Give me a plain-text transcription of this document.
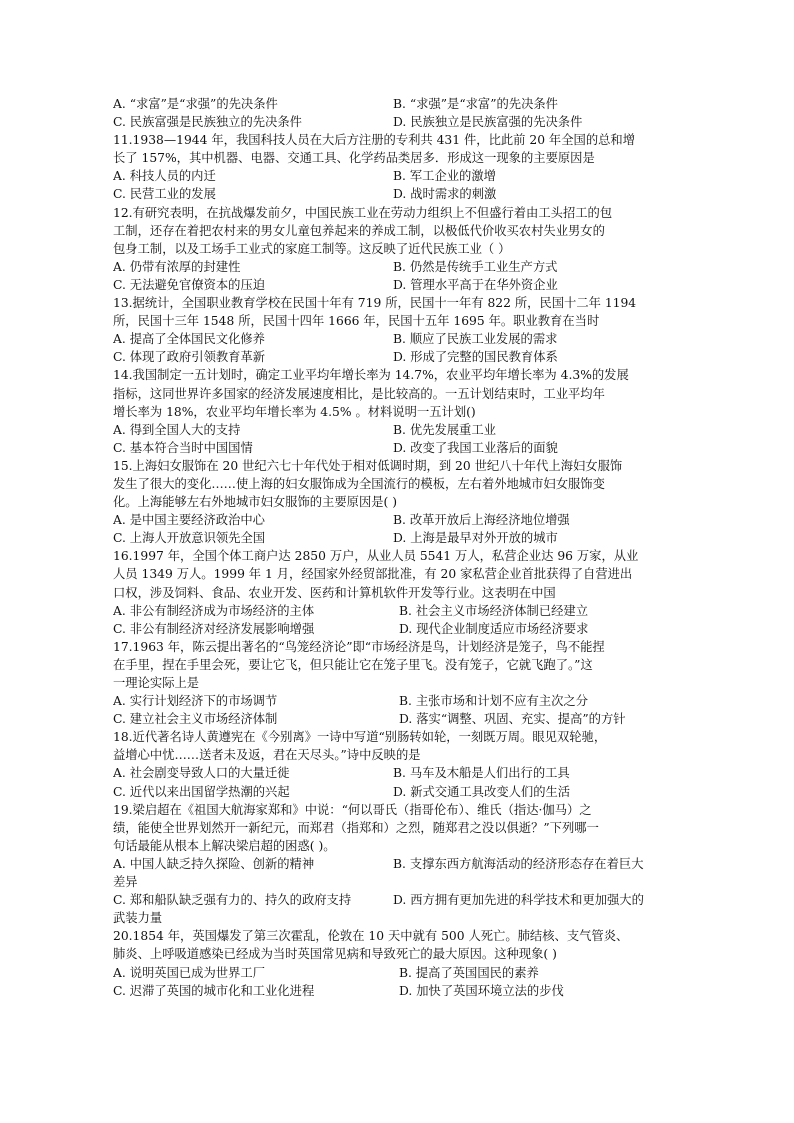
A. “求富”是“求强”的先决条件	B. “求强”是“求富”的先决条件
C. 民族富强是民族独立的先决条件	D. 民族独立是民族富强的先决条件
11.1938—1944 年，我国科技人员在大后方注册的专利共 431 件，比此前 20 年全国的总和增
长了 157%，其中机器、电器、交通工具、化学药品类居多．形成这一现象的主要原因是
A. 科技人员的内迁	B. 军工企业的激增
C. 民营工业的发展	D. 战时需求的刺激
12.有研究表明，在抗战爆发前夕，中国民族工业在劳动力组织上不但盛行着由工头招工的包
工制，还存在着把农村来的男女儿童包养起来的养成工制，以极低代价收买农村失业男女的
包身工制，以及工场手工业式的家庭工制等。这反映了近代民族工业（ ）
A. 仍带有浓厚的封建性	B. 仍然是传统手工业生产方式
C. 无法避免官僚资本的压迫	D. 管理水平高于在华外资企业
13.据统计，全国职业教育学校在民国十年有 719 所，民国十一年有 822 所，民国十二年 1194
所，民国十三年 1548 所，民国十四年 1666 年，民国十五年 1695 年。职业教育在当时
A. 提高了全体国民文化修养	B. 顺应了民族工业发展的需求
C. 体现了政府引领教育革新	D. 形成了完整的国民教育体系
14.我国制定一五计划时，确定工业平均年增长率为 14.7%，农业平均年增长率为 4.3%的发展
指标，这同世界许多国家的经济发展速度相比，是比较高的。一五计划结束时，工业平均年
增长率为 18%，农业平均年增长率为 4.5% 。材料说明一五计划()
A. 得到全国人大的支持	B. 优先发展重工业
C. 基本符合当时中国国情	D. 改变了我国工业落后的面貌
15.上海妇女服饰在 20 世纪六七十年代处于相对低调时期，到 20 世纪八十年代上海妇女服饰
发生了很大的变化……使上海的妇女服饰成为全国流行的模板，左右着外地城市妇女服饰变
化。上海能够左右外地城市妇女服饰的主要原因是( )
A. 是中国主要经济政治中心	B. 改革开放后上海经济地位增强
C. 上海人开放意识领先全国	D. 上海是最早对外开放的城市
16.1997 年，全国个体工商户达 2850 万户，从业人员 5541 万人，私营企业达 96 万家，从业
人员 1349 万人。1999 年 1 月，经国家外经贸部批准，有 20 家私营企业首批获得了自营进出
口权，涉及饲料、食品、农业开发、医药和计算机软件开发等行业。这表明在中国
A. 非公有制经济成为市场经济的主体	B. 社会主义市场经济体制已经建立
C. 非公有制经济对经济发展影响增强	D. 现代企业制度适应市场经济要求
17.1963 年，陈云提出著名的“鸟笼经济论”即“市场经济是鸟，计划经济是笼子，鸟不能捏
在手里，捏在手里会死，要让它飞，但只能让它在笼子里飞。没有笼子，它就飞跑了。”这
一理论实际上是
A. 实行计划经济下的市场调节	B. 主张市场和计划不应有主次之分
C. 建立社会主义市场经济体制	D. 落实“调整、巩固、充实、提高”的方针
18.近代著名诗人黄遵宪在《今别离》一诗中写道“别肠转如轮，一刻既万周。眼见双轮驰，
益增心中忧……送者未及返，君在天尽头。”诗中反映的是
A. 社会剧变导致人口的大量迁徙	B. 马车及木船是人们出行的工具
C. 近代以来出国留学热潮的兴起	D. 新式交通工具改变人们的生活
19.梁启超在《祖国大航海家郑和》中说：“何以哥氏（指哥伦布）、维氏（指达·伽马）之
绩，能使全世界划然开一新纪元，而郑君（指郑和）之烈，随郑君之没以俱逝？”下列哪一
句话最能从根本上解决梁启超的困惑( )。
A. 中国人缺乏持久探险、创新的精神	B. 支撑东西方航海活动的经济形态存在着巨大
差异
C. 郑和船队缺乏强有力的、持久的政府支持	D. 西方拥有更加先进的科学技术和更加强大的
武装力量
20.1854 年，英国爆发了第三次霍乱，伦敦在 10 天中就有 500 人死亡。肺结核、支气管炎、
肺炎、上呼吸道感染已经成为当时英国常见病和导致死亡的最大原因。这种现象( )
A. 说明英国已成为世界工厂	B. 提高了英国国民的素养
C. 迟滞了英国的城市化和工业化进程	D. 加快了英国环境立法的步伐
